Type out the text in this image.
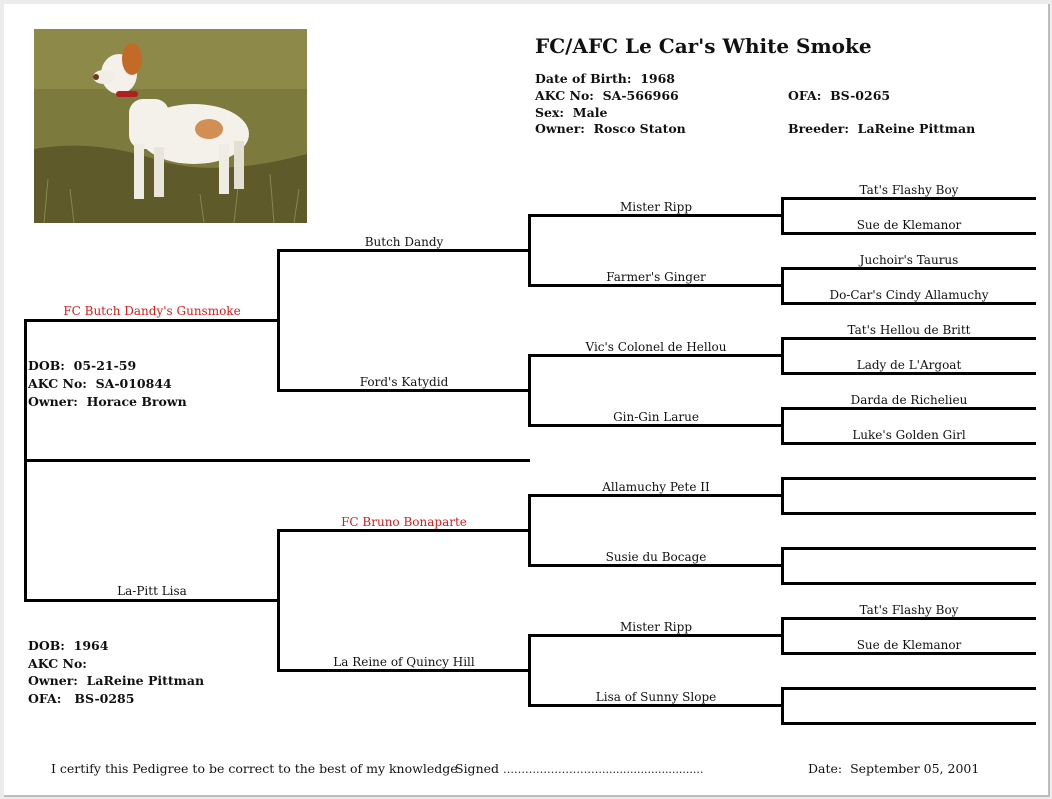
FC/AFC Le Car's White Smoke
Date of Birth: 1968
AKC No: SA-566966
Sex: Male
Owner: Rosco Staton
OFA: BS-0265
Breeder: LaReine Pittman
FC Butch Dandy's Gunsmoke
DOB: 05-21-59
AKC No: SA-010844
Owner: Horace Brown
La-Pitt Lisa
DOB: 1964
AKC No:
Owner: LaReine Pittman
OFA: BS-0285
Butch Dandy
Ford's Katydid
FC Bruno Bonaparte
La Reine of Quincy Hill
Mister Ripp
Farmer's Ginger
Vic's Colonel de Hellou
Gin-Gin Larue
Allamuchy Pete II
Susie du Bocage
Mister Ripp
Lisa of Sunny Slope
Tat's Flashy Boy
Sue de Klemanor
Juchoir's Taurus
Do-Car's Cindy Allamuchy
Tat's Hellou de Britt
Lady de L'Argoat
Darda de Richelieu
Luke's Golden Girl
Tat's Flashy Boy
Sue de Klemanor
I certify this Pedigree to be correct to the best of my knowledge
Signed ……………………….............................	Date: September 05, 2001
